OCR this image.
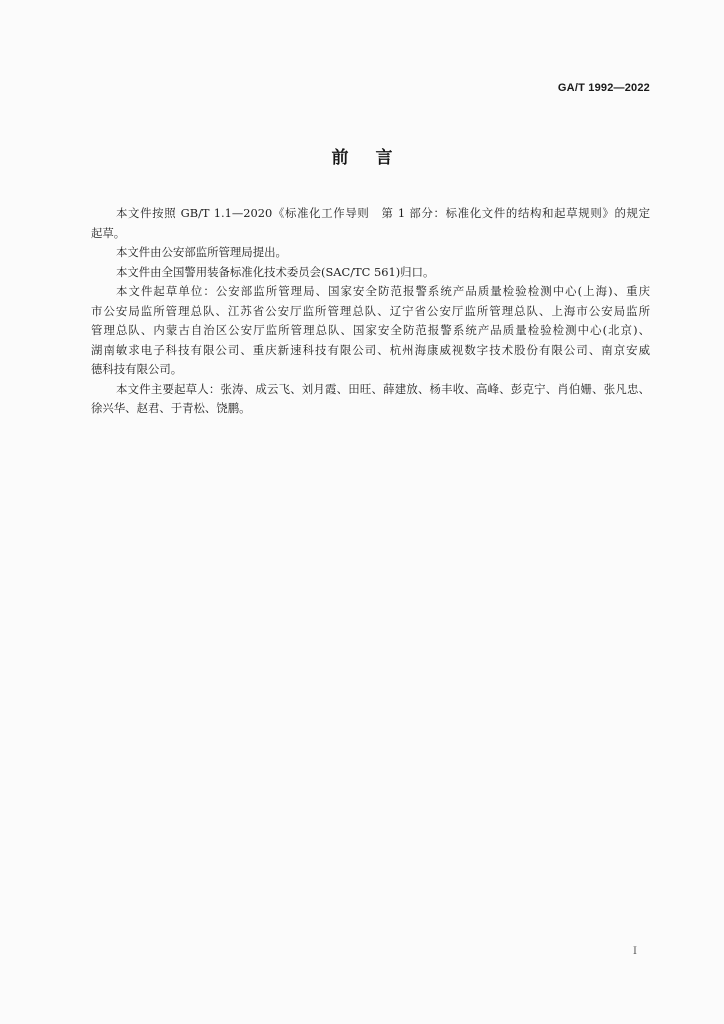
GA/T 1992—2022
前言
本文件按照 GB/T 1.1—2020《标准化工作导则　第 1 部分：标准化文件的结构和起草规则》的规定
起草。
本文件由公安部监所管理局提出。
本文件由全国警用装备标准化技术委员会(SAC/TC 561)归口。
本文件起草单位：公安部监所管理局、国家安全防范报警系统产品质量检验检测中心(上海)、重庆
市公安局监所管理总队、江苏省公安厅监所管理总队、辽宁省公安厅监所管理总队、上海市公安局监所
管理总队、内蒙古自治区公安厅监所管理总队、国家安全防范报警系统产品质量检验检测中心(北京)、
湖南敏求电子科技有限公司、重庆新速科技有限公司、杭州海康威视数字技术股份有限公司、南京安威
德科技有限公司。
本文件主要起草人：张涛、成云飞、刘月霞、田旺、薛建放、杨丰收、高峰、彭克宁、肖伯姗、张凡忠、
徐兴华、赵君、于青松、饶鹏。
I
